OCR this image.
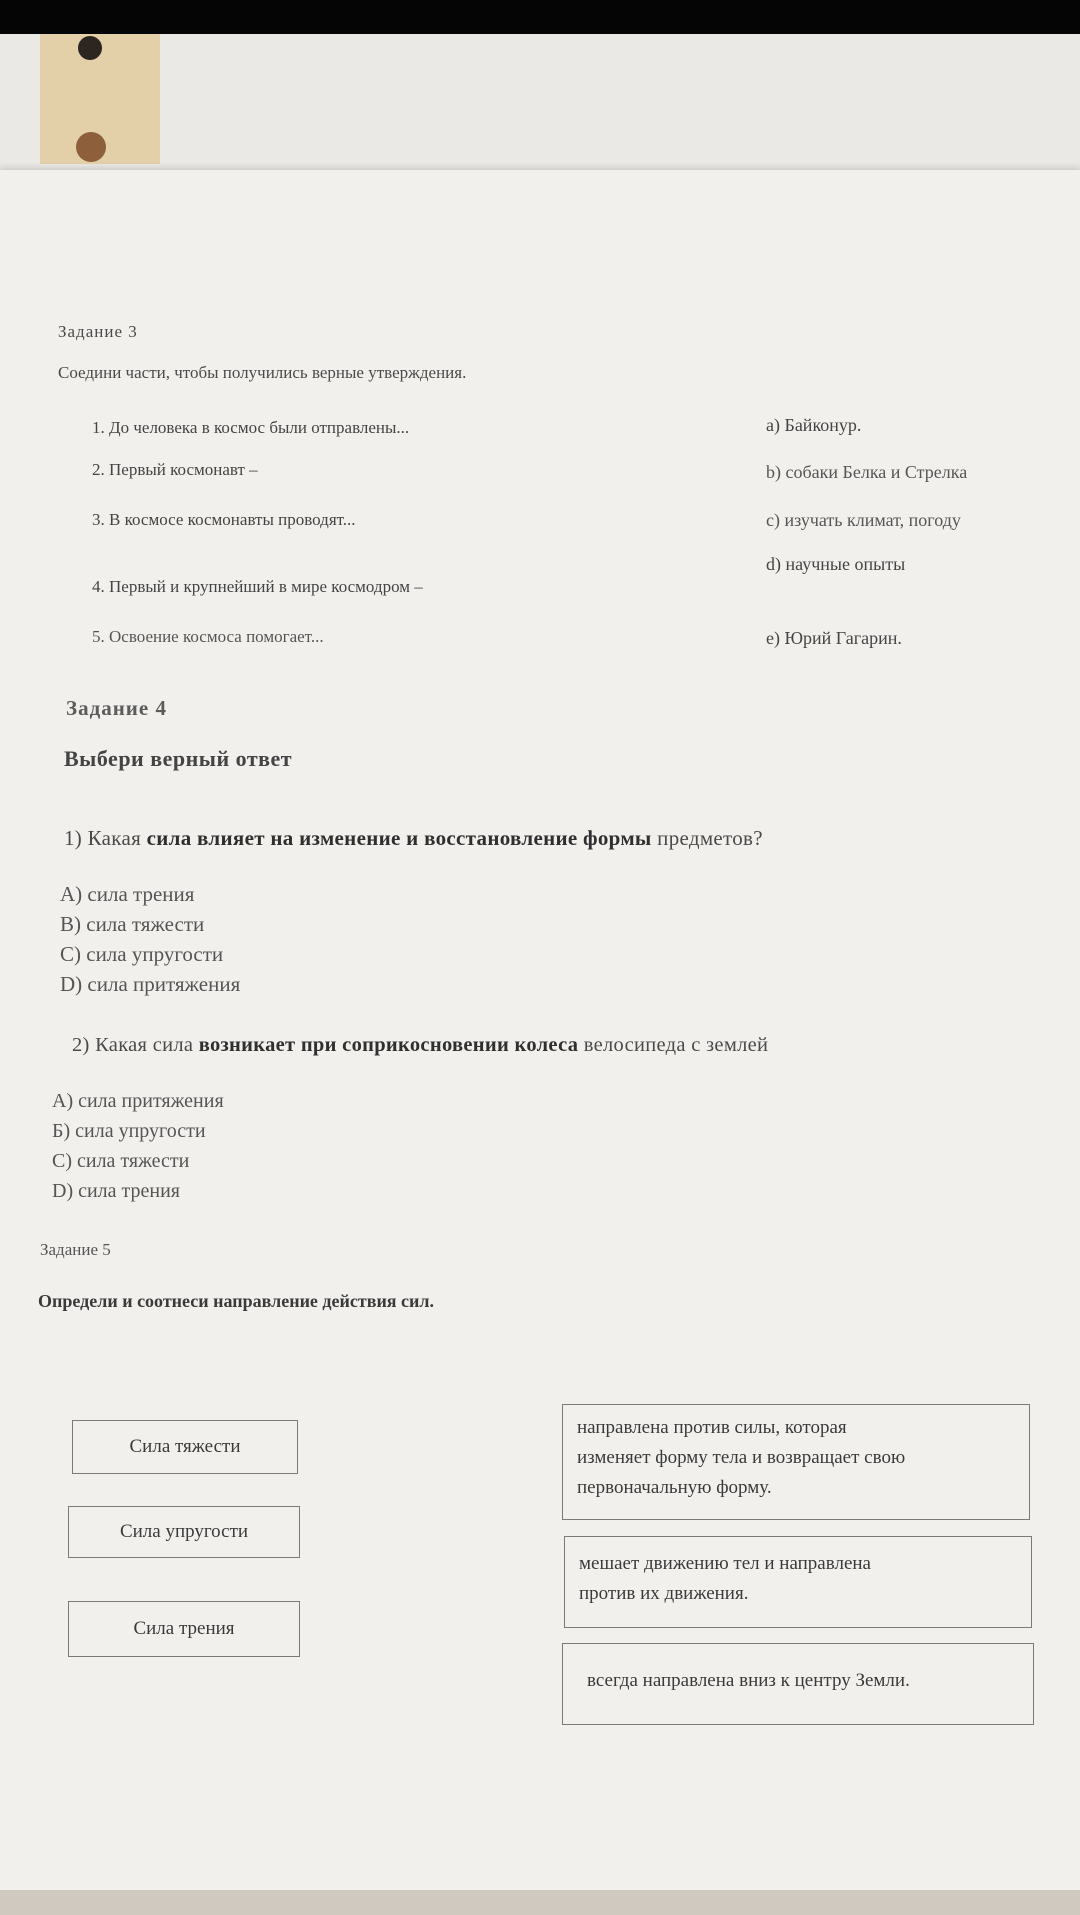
Задание 3
Соедини части, чтобы получились верные утверждения.
1. До человека в космос были отправлены...
2. Первый космонавт –
3. В космосе космонавты проводят...
4. Первый и крупнейший в мире космодром –
5. Освоение космоса помогает...
a) Байконур.
b) собаки Белка и Стрелка
c) изучать климат, погоду
d) научные опыты
e) Юрий Гагарин.
Задание 4
Выбери верный ответ
1) Какая сила влияет на изменение и восстановление формы предметов?
А) сила трения
В) сила тяжести
С) сила упругости
D) сила притяжения
2) Какая сила возникает при соприкосновении колеса велосипеда с землей
А) сила притяжения
Б) сила упругости
С) сила тяжести
D) сила трения
Задание 5
Определи и соотнеси направление действия сил.
Сила тяжести
Сила упругости
Сила трения
направлена против силы, которая
изменяет форму тела и возвращает свою
первоначальную форму.
мешает движению тел и направлена
против их движения.
всегда направлена вниз к центру Земли.
